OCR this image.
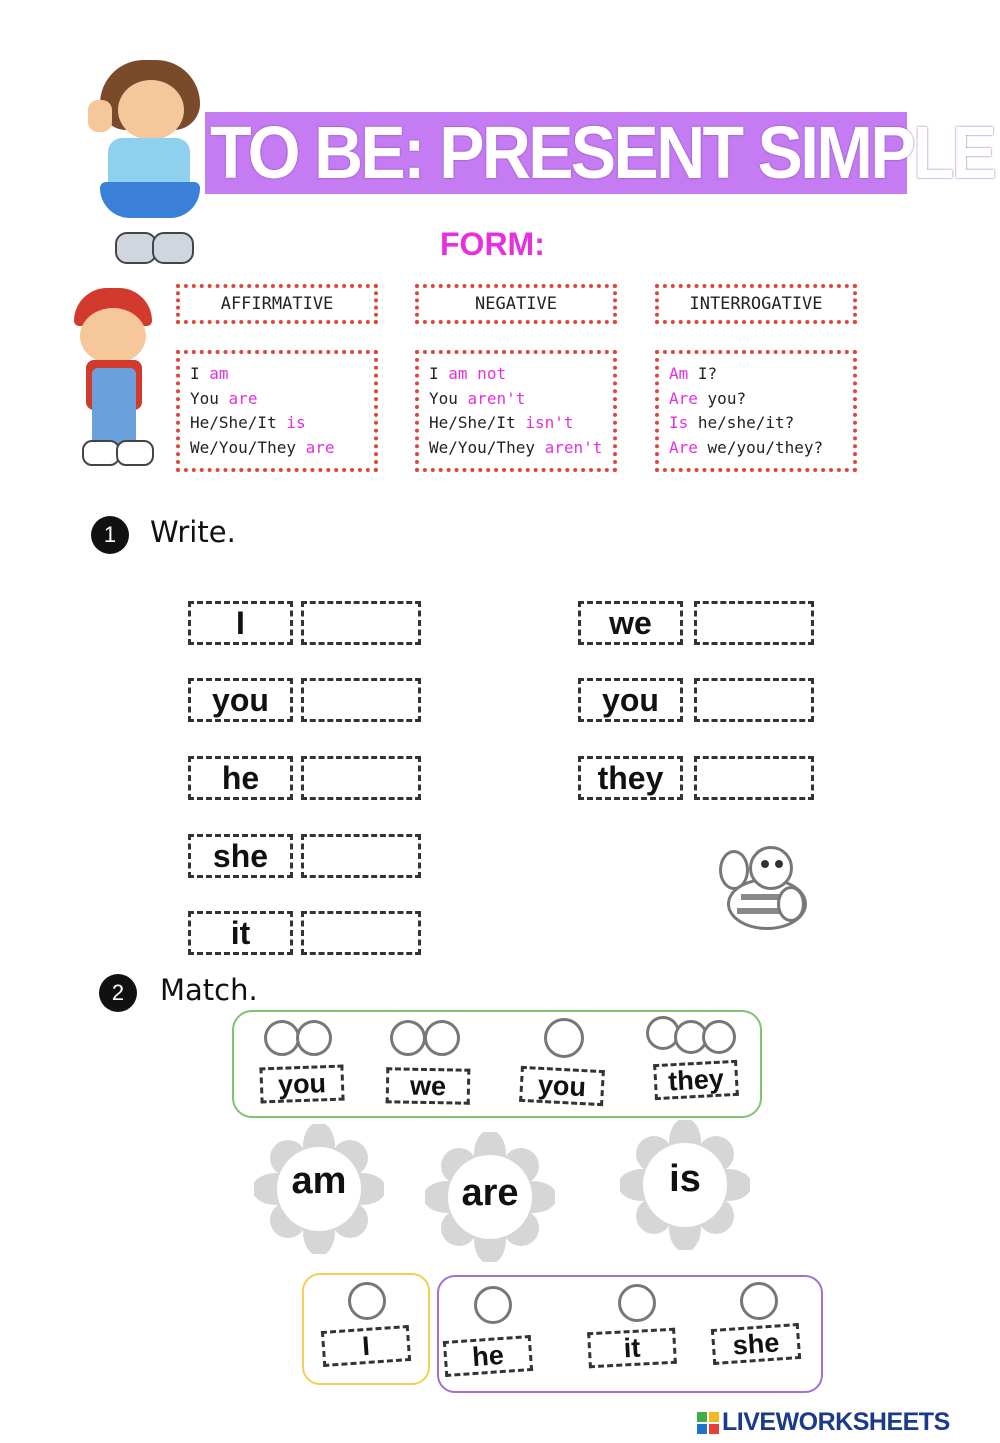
TO BE: PRESENT SIMPLE
FORM:
AFFIRMATIVE
I am
You are
He/She/It is
We/You/They are
NEGATIVE
I am not
You aren't
He/She/It isn't
We/You/They aren't
INTERROGATIVE
Am I?
Are you?
Is he/she/it?
Are we/you/they?
1	Write.
I
you
he
she
it
we
you
they
2	Match.
you	we	you	they
am	are	is
I	he	it	she
LIVEWORKSHEETS
